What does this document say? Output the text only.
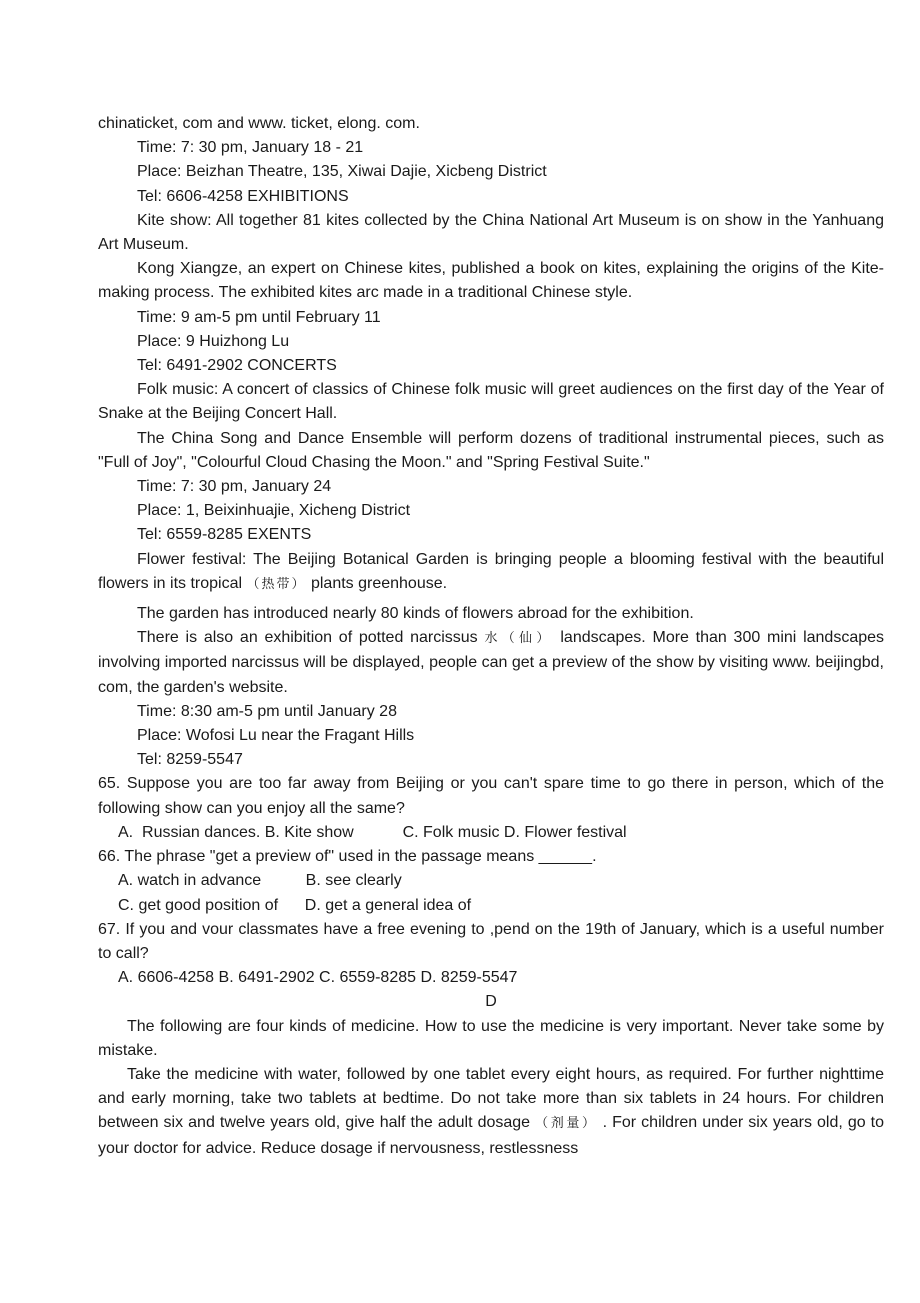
chinaticket, com and www. ticket, elong. com.

Time: 7: 30 pm, January 18 - 21

Place: Beizhan Theatre, 135, Xiwai Dajie, Xicbeng District

Tel: 6606-4258 EXHIBITIONS

Kite show: All together 81 kites collected by the China National Art Museum is on show in the Yanhuang Art Museum.

Kong Xiangze, an expert on Chinese kites, published a book on kites, explaining the origins of the Kite-making process. The exhibited kites arc made in a traditional Chinese style.

Time: 9 am-5 pm until February 11

Place: 9 Huizhong Lu

Tel: 6491-2902 CONCERTS

Folk music: A concert of classics of Chinese folk music will greet audiences on the first day of the Year of Snake at the Beijing Concert Hall.

The China Song and Dance Ensemble will perform dozens of traditional instrumental pieces, such as "Full of Joy", "Colourful Cloud Chasing the Moon." and "Spring Festival Suite."

Time: 7: 30 pm, January 24

Place: 1, Beixinhuajie, Xicheng District

Tel: 6559-8285 EXENTS

Flower festival: The Beijing Botanical Garden is bringing people a blooming festival with the beautiful flowers in its tropical （热带） plants greenhouse.

The garden has introduced nearly 80 kinds of flowers abroad for the exhibition.

There is also an exhibition of potted narcissus 水（仙） landscapes. More than 300 mini landscapes involving imported narcissus will be displayed, people can get a preview of the show by visiting www. beijingbd, com, the garden's website.

Time: 8:30 am-5 pm until January 28

Place: Wofosi Lu near the Fragant Hills

Tel: 8259-5547

65. Suppose you are too far away from Beijing or you can't spare time to go there in person, which of the following show can you enjoy all the same?

A.  Russian dances. B. Kite show           C. Folk music D. Flower festival

66. The phrase "get a preview of" used in the passage means ______.

A. watch in advance          B. see clearly

C. get good position of      D. get a general idea of

67. If you and vour classmates have a free evening to ,pend on the 19th of January, which is a useful number to call?

A. 6606-4258 B. 6491-2902 C. 6559-8285 D. 8259-5547

D

The following are four kinds of medicine. How to use the medicine is very important. Never take some by mistake.

Take the medicine with water, followed by one tablet every eight hours, as required. For further nighttime and early morning, take two tablets at bedtime. Do not take more than six tablets in 24 hours. For children between six and twelve years old, give half the adult dosage （剂量） . For children under six years old, go to your doctor for advice. Reduce dosage if nervousness, restlessness
